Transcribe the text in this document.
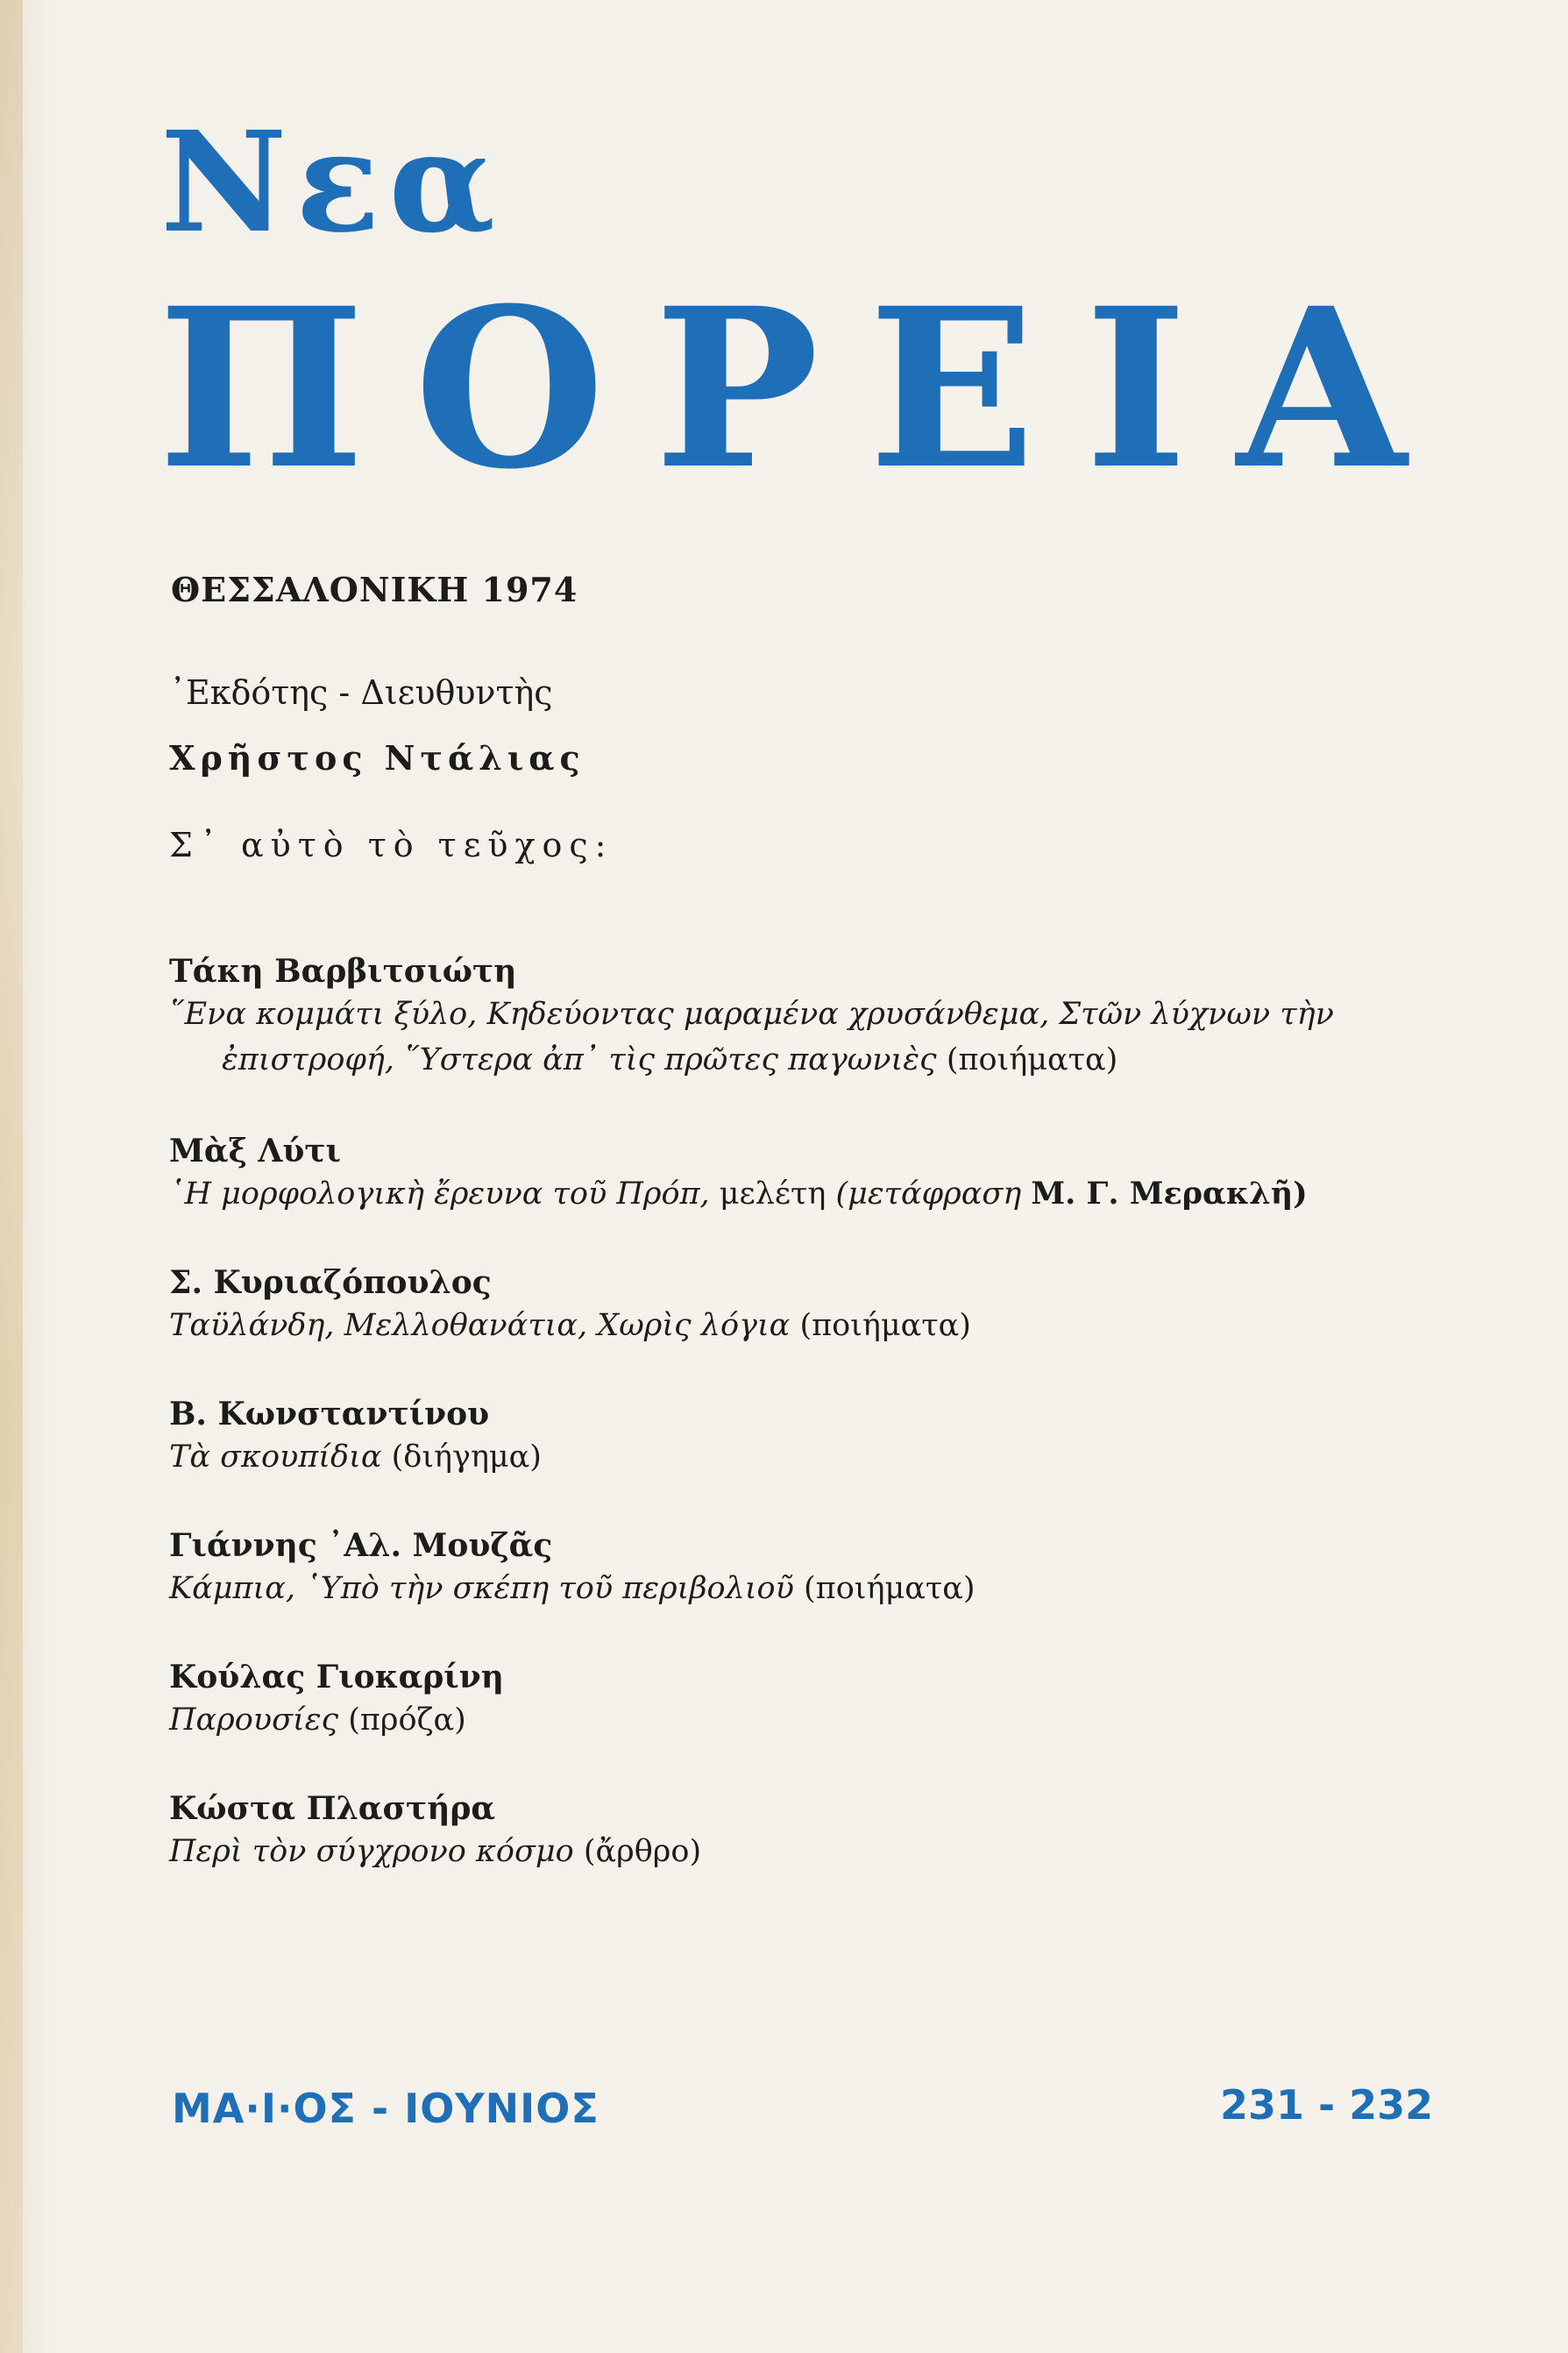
Νεα
Π Ο Ρ Ε Ι Α
ΘΕΣΣΑΛΟΝΙΚΗ 1974
᾿Εκδότης - Διευθυντὴς
Χρῆστος Ντάλιας
Σ᾿ αὐτὸ τὸ τεῦχος:
Τάκη Βαρβιτσιώτη
῞Ενα κομμάτι ξύλο, Κηδεύοντας μαραμένα χρυσάνθεμα, Στῶν λύχνων τὴν
ἐπιστροφή, ῞Υστερα ἀπ᾿ τὶς πρῶτες παγωνιὲς (ποιήματα)
Μὰξ Λύτι
῾Η μορφολογικὴ ἔρευνα τοῦ Πρόπ, μελέτη (μετάφραση Μ. Γ. Μερακλῆ)
Σ. Κυριαζόπουλος
Ταϋλάνδη, Μελλοθανάτια, Χωρὶς λόγια (ποιήματα)
Β. Κωνσταντίνου
Τὰ σκουπίδια (διήγημα)
Γιάννης ᾿Αλ. Μουζᾶς
Κάμπια, ῾Υπὸ τὴν σκέπη τοῦ περιβολιοῦ (ποιήματα)
Κούλας Γιοκαρίνη
Παρουσίες (πρόζα)
Κώστα Πλαστήρα
Περὶ τὸν σύγχρονο κόσμο (ἄρθρο)
ΜΑ·Ι·ΟΣ - ΙΟΥΝΙΟΣ	231 - 232
